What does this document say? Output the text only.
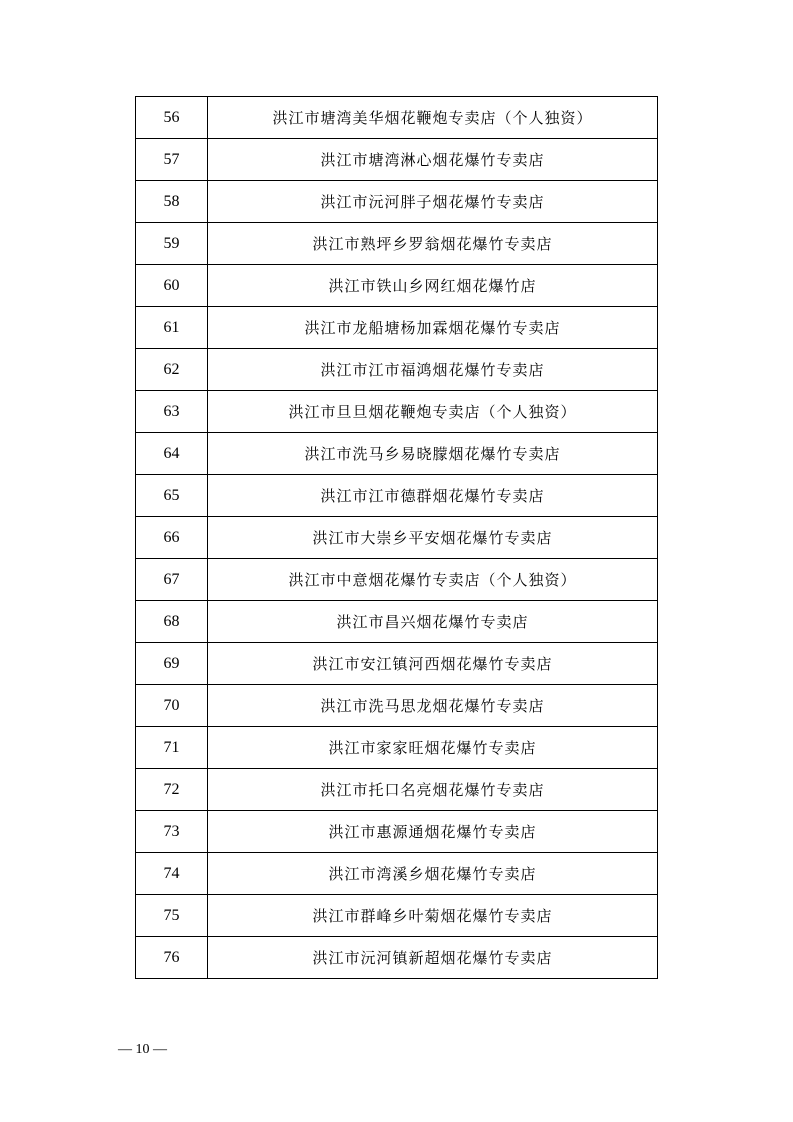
56	洪江市塘湾美华烟花鞭炮专卖店（个人独资）
57	洪江市塘湾淋心烟花爆竹专卖店
58	洪江市沅河胖子烟花爆竹专卖店
59	洪江市熟坪乡罗翁烟花爆竹专卖店
60	洪江市铁山乡网红烟花爆竹店
61	洪江市龙船塘杨加霖烟花爆竹专卖店
62	洪江市江市福鸿烟花爆竹专卖店
63	洪江市旦旦烟花鞭炮专卖店（个人独资）
64	洪江市洗马乡易晓朦烟花爆竹专卖店
65	洪江市江市德群烟花爆竹专卖店
66	洪江市大崇乡平安烟花爆竹专卖店
67	洪江市中意烟花爆竹专卖店（个人独资）
68	洪江市昌兴烟花爆竹专卖店
69	洪江市安江镇河西烟花爆竹专卖店
70	洪江市洗马思龙烟花爆竹专卖店
71	洪江市家家旺烟花爆竹专卖店
72	洪江市托口名亮烟花爆竹专卖店
73	洪江市惠源通烟花爆竹专卖店
74	洪江市湾溪乡烟花爆竹专卖店
75	洪江市群峰乡叶菊烟花爆竹专卖店
76	洪江市沅河镇新超烟花爆竹专卖店
— 10 —
